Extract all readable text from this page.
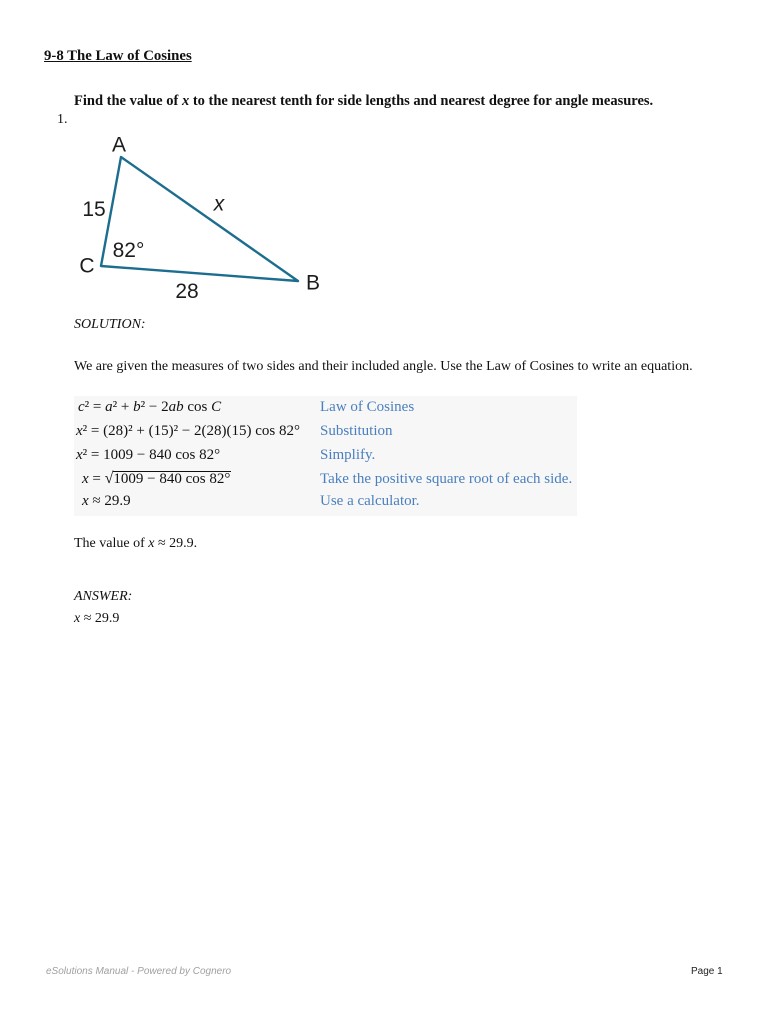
9-8 The Law of Cosines
Find the value of x to the nearest tenth for side lengths and nearest degree for angle measures.
1.
A
15	x
C
82°
B
28
SOLUTION:
We are given the measures of two sides and their included angle. Use the Law of Cosines to write an equation.
c² = a² + b² − 2ab cos C	Law of Cosines
x² = (28)² + (15)² − 2(28)(15) cos 82° Substitution
x² = 1009 − 840 cos 82°	Simplify.
x = √1009 − 840 cos 82°	Take the positive square root of each side.
x ≈ 29.9	Use a calculator.
The value of x ≈ 29.9.
ANSWER:
x ≈ 29.9
eSolutions Manual - Powered by Cognero	Page 1
